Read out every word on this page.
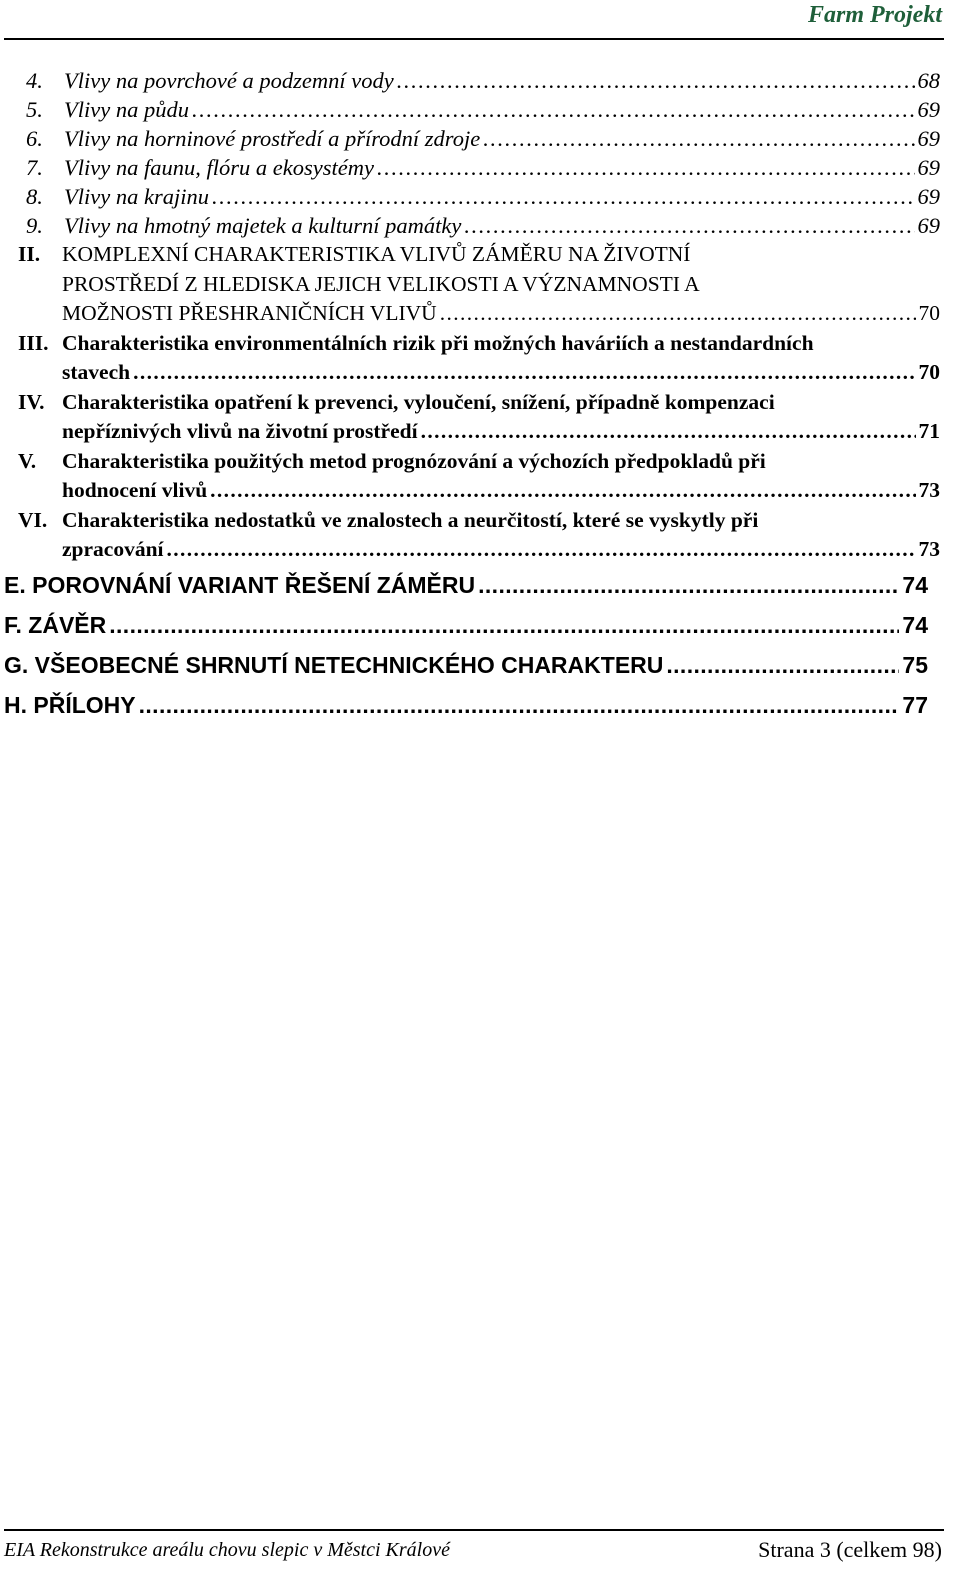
Farm Projekt
4. Vlivy na povrchové a podzemní vody . . .	68
5. Vlivy na půdu . . .	69
6. Vlivy na horninové prostředí a přírodní zdroje . . .	69
7. Vlivy na faunu, flóru a ekosystémy . . .	69
8. Vlivy na krajinu . . .	69
9. Vlivy na hmotný majetek a kulturní památky . . .	69
II. KOMPLEXNÍ CHARAKTERISTIKA VLIVŮ ZÁMĚRU NA ŽIVOTNÍ
PROSTŘEDÍ Z HLEDISKA JEJICH VELIKOSTI A VÝZNAMNOSTI A
MOŽNOSTI PŘESHRANIČNÍCH VLIVŮ . . .	70
III. Charakteristika environmentálních rizik při možných haváriích a nestandardních
stavech . . .	70
IV. Charakteristika opatření k prevenci, vyloučení, snížení, případně kompenzaci
nepříznivých vlivů na životní prostředí . . .	71
V. Charakteristika použitých metod prognózování a výchozích předpokladů při
hodnocení vlivů . . .	73
VI. Charakteristika nedostatků ve znalostech a neurčitostí, které se vyskytly při
zpracování . . .	73
E. POROVNÁNÍ VARIANT ŘEŠENÍ ZÁMĚRU . . .	74
F. ZÁVĚR . . .	74
G. VŠEOBECNÉ SHRNUTÍ NETECHNICKÉHO CHARAKTERU . . .	75
H. PŘÍLOHY . . .	77
EIA Rekonstrukce areálu chovu slepic v Městci Králové	Strana 3 (celkem 98)
